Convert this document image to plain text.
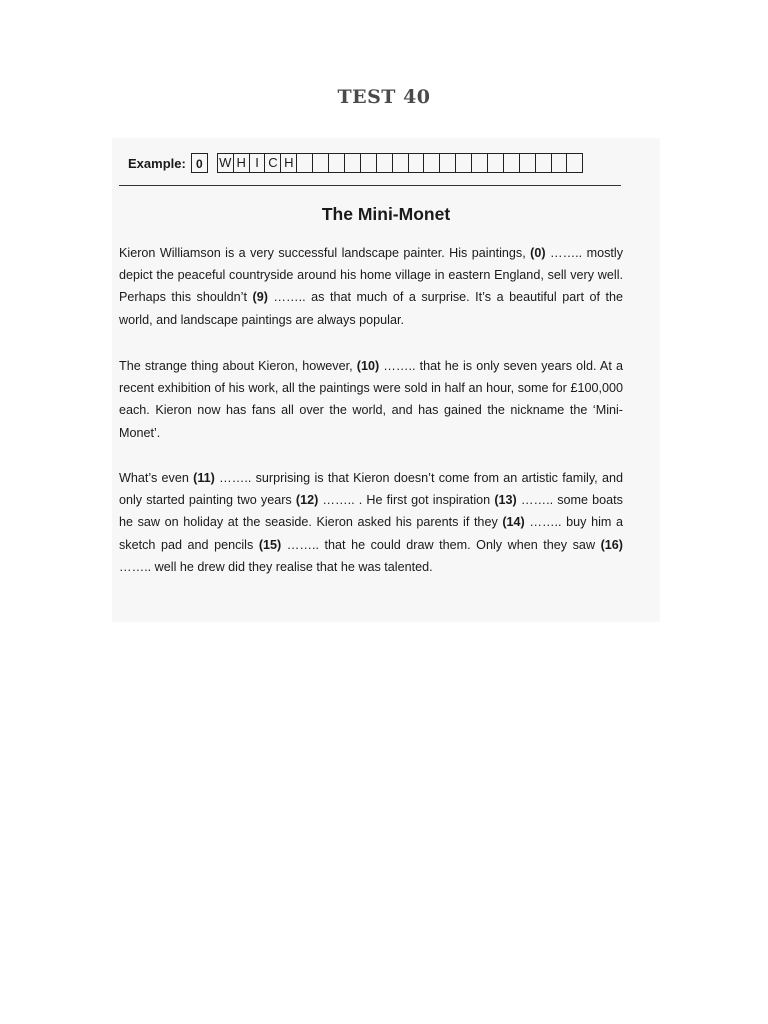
TEST 40
Example: 0	W H I C H
The Mini-Monet

Kieron Williamson is a very successful landscape painter. His paintings, (0) …….. mostly depict the peaceful countryside around his home village in eastern England, sell very well. Perhaps this shouldn’t (9) …….. as that much of a surprise. It’s a beautiful part of the world, and landscape paintings are always popular.

The strange thing about Kieron, however, (10) …….. that he is only seven years old. At a recent exhibition of his work, all the paintings were sold in half an hour, some for £100,000 each. Kieron now has fans all over the world, and has gained the nickname the ‘Mini-Monet’.

What’s even (11) …….. surprising is that Kieron doesn’t come from an artistic family, and only started painting two years (12) …….. . He first got inspiration (13) …….. some boats he saw on holiday at the seaside. Kieron asked his parents if they (14) …….. buy him a sketch pad and pencils (15) …….. that he could draw them. Only when they saw (16) …….. well he drew did they realise that he was talented.
